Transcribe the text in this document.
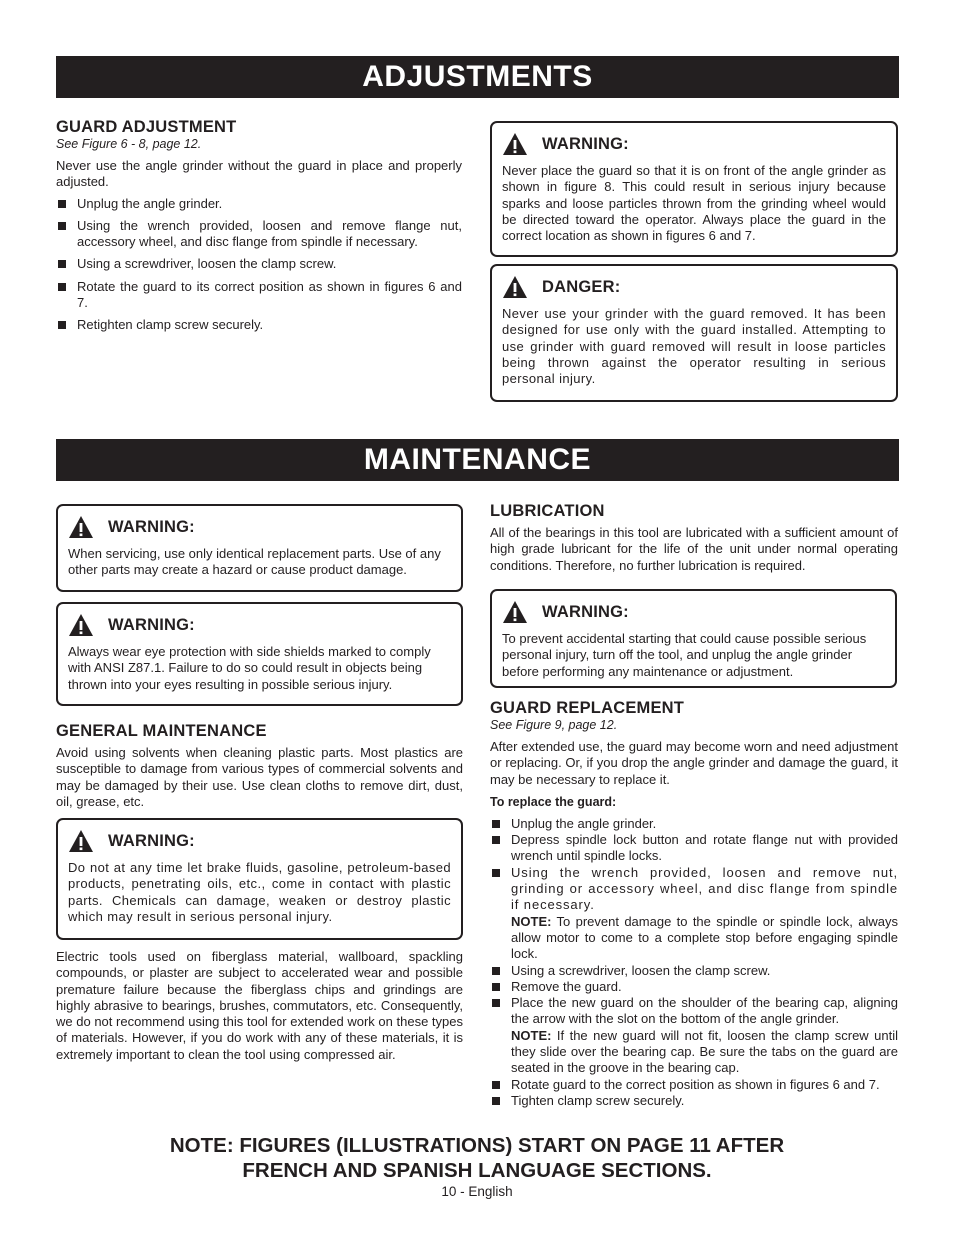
ADJUSTMENTS
GUARD ADJUSTMENT
See Figure 6 - 8, page 12.
Never use the angle grinder without the guard in place and properly adjusted.
Unplug the angle grinder.
Using the wrench provided, loosen and remove flange nut, accessory wheel, and disc flange from spindle if necessary.
Using a screwdriver, loosen the clamp screw.
Rotate the guard to its correct position as shown in figures 6 and 7.
Retighten clamp screw securely.
WARNING:
Never place the guard so that it is on front of the angle grinder as shown in figure 8. This could result in serious injury because sparks and loose particles thrown from the grinding wheel would be directed toward the operator. Always place the guard in the correct location as shown in figures 6 and 7.
DANGER:
Never use your grinder with the guard removed. It has been designed for use only with the guard installed. Attempting to use grinder with guard removed will result in loose particles being thrown against the operator resulting in serious personal injury.
MAINTENANCE
WARNING:
When servicing, use only identical replacement parts. Use of any other parts may create a hazard or cause product damage.
WARNING:
Always wear eye protection with side shields marked to comply with ANSI Z87.1. Failure to do so could result in objects being thrown into your eyes resulting in possible serious injury.
GENERAL MAINTENANCE
Avoid using solvents when cleaning plastic parts. Most plastics are susceptible to damage from various types of commercial solvents and may be damaged by their use. Use clean cloths to remove dirt, dust, oil, grease, etc.
WARNING:
Do not at any time let brake fluids, gasoline, petroleum-based products, penetrating oils, etc., come in contact with plastic parts. Chemicals can damage, weaken or destroy plastic which may result in serious personal injury.
Electric tools used on fiberglass material, wallboard, spackling compounds, or plaster are subject to accelerated wear and possible premature failure because the fiberglass chips and grindings are highly abrasive to bearings, brushes, commutators, etc. Consequently, we do not recommend using this tool for extended work on these types of materials. However, if you do work with any of these materials, it is extremely important to clean the tool using compressed air.
LUBRICATION
All of the bearings in this tool are lubricated with a sufficient amount of high grade lubricant for the life of the unit under normal operating conditions. Therefore, no further lubrication is required.
WARNING:
To prevent accidental starting that could cause possible serious personal injury, turn off the tool, and unplug the angle grinder before performing any maintenance or adjustment.
GUARD REPLACEMENT
See Figure 9, page 12.
After extended use, the guard may become worn and need adjustment or replacing. Or, if you drop the angle grinder and damage the guard, it may be necessary to replace it.
To replace the guard:
Unplug the angle grinder.
Depress spindle lock button and rotate flange nut with provided wrench until spindle locks.
Using the wrench provided, loosen and remove nut, grinding or accessory wheel, and disc flange from spindle if necessary.
NOTE: To prevent damage to the spindle or spindle lock, always allow motor to come to a complete stop before engaging spindle lock.
Using a screwdriver, loosen the clamp screw.
Remove the guard.
Place the new guard on the shoulder of the bearing cap, aligning the arrow with the slot on the bottom of the angle grinder.
NOTE: If the new guard will not fit, loosen the clamp screw until they slide over the bearing cap. Be sure the tabs on the guard are seated in the groove in the bearing cap.
Rotate guard to the correct position as shown in figures 6 and 7.
Tighten clamp screw securely.
NOTE: FIGURES (ILLUSTRATIONS) START ON PAGE 11 AFTER
FRENCH AND SPANISH LANGUAGE SECTIONS.
10 - English
